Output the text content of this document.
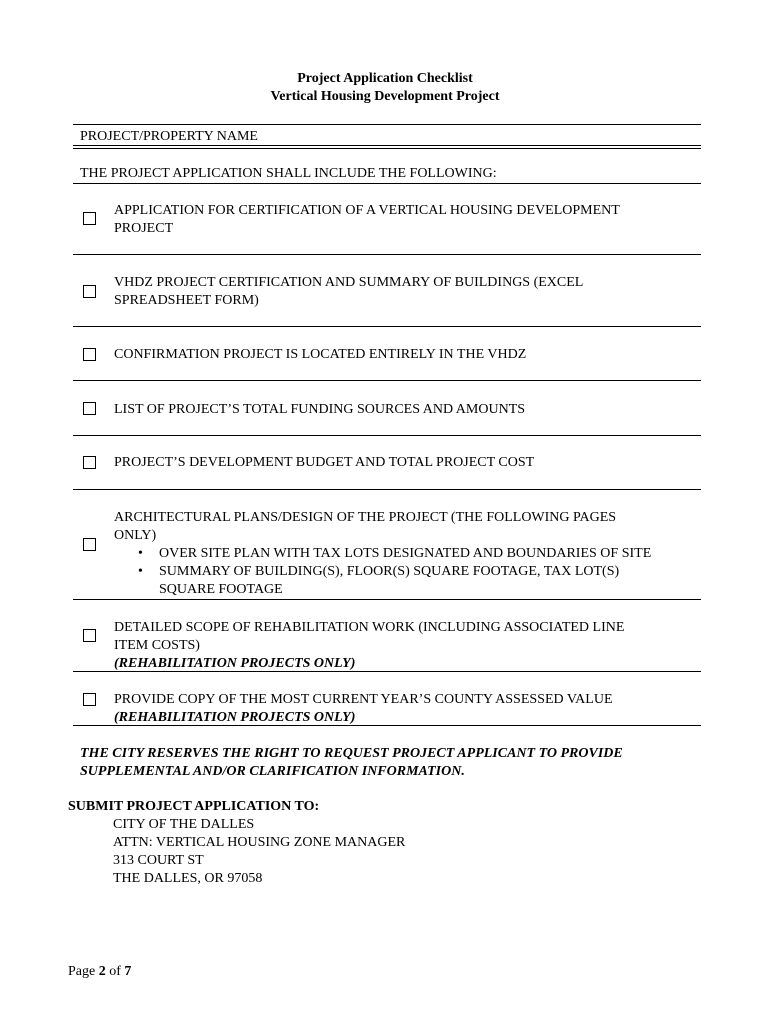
Project Application Checklist
Vertical Housing Development Project
PROJECT/PROPERTY NAME
THE PROJECT APPLICATION SHALL INCLUDE THE FOLLOWING:
APPLICATION FOR CERTIFICATION OF A VERTICAL HOUSING DEVELOPMENT
PROJECT
VHDZ PROJECT CERTIFICATION AND SUMMARY OF BUILDINGS (EXCEL
SPREADSHEET FORM)
CONFIRMATION PROJECT IS LOCATED ENTIRELY IN THE VHDZ
LIST OF PROJECT’S TOTAL FUNDING SOURCES AND AMOUNTS
PROJECT’S DEVELOPMENT BUDGET AND TOTAL PROJECT COST
ARCHITECTURAL PLANS/DESIGN OF THE PROJECT (THE FOLLOWING PAGES
ONLY)
• OVER SITE PLAN WITH TAX LOTS DESIGNATED AND BOUNDARIES OF SITE
• SUMMARY OF BUILDING(S), FLOOR(S) SQUARE FOOTAGE, TAX LOT(S) SQUARE FOOTAGE
DETAILED SCOPE OF REHABILITATION WORK (INCLUDING ASSOCIATED LINE
ITEM COSTS)
(REHABILITATION PROJECTS ONLY)
PROVIDE COPY OF THE MOST CURRENT YEAR’S COUNTY ASSESSED VALUE
(REHABILITATION PROJECTS ONLY)
THE CITY RESERVES THE RIGHT TO REQUEST PROJECT APPLICANT TO PROVIDE
SUPPLEMENTAL AND/OR CLARIFICATION INFORMATION.
SUBMIT PROJECT APPLICATION TO:
CITY OF THE DALLES
ATTN: VERTICAL HOUSING ZONE MANAGER
313 COURT ST
THE DALLES, OR 97058
Page 2 of 7
